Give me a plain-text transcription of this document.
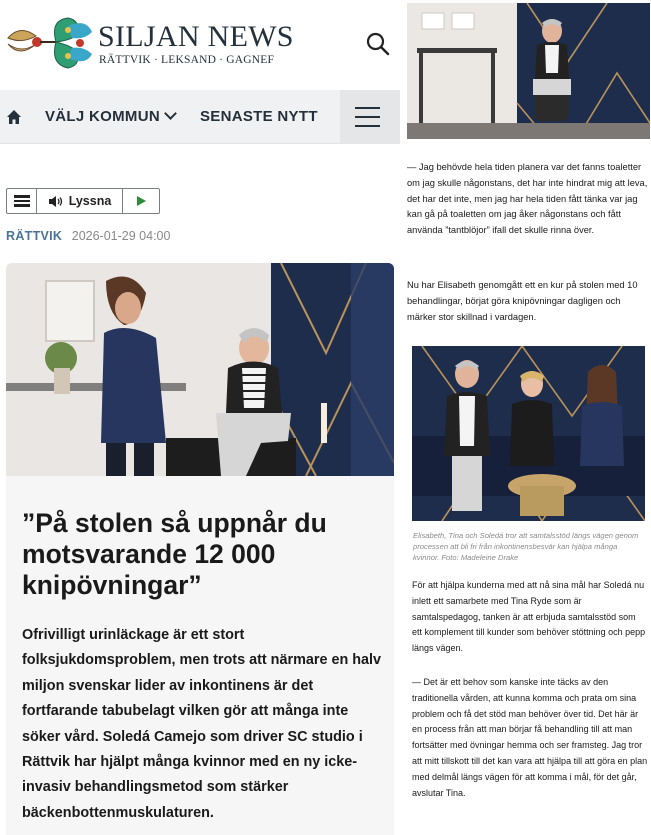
SILJAN NEWS
RÄTTVIK · LEKSAND · GAGNEF
VÄLJ KOMMUN	SENASTE NYTT
Lyssna
RÄTTVIK 2026-01-29 04:00
”På stolen så uppnår du motsvarande 12 000 knipövningar”

Ofrivilligt urinläckage är ett stort folksjukdomsproblem, men trots att närmare en halv miljon svenskar lider av inkontinens är det fortfarande tabubelagt vilken gör att många inte söker vård. Soledá Camejo som driver SC studio i Rättvik har hjälpt många kvinnor med en ny icke-invasiv behandlingsmetod som stärker bäckenbottenmuskulaturen.

— Jag behövde hela tiden planera var det fanns toaletter om jag skulle någonstans, det har inte hindrat mig att leva, det har det inte, men jag har hela tiden fått tänka var jag kan gå på toaletten om jag åker någonstans och fått använda ”tantblöjor” ifall det skulle rinna över.

Nu har Elisabeth genomgått ett en kur på stolen med 10 behandlingar, börjat göra knipövningar dagligen och märker stor skillnad i vardagen.

Elisabeth, Tina och Soledá tror att samtalsstöd längs vägen genom processen att bli fri från inkontinensbesvär kan hjälpa många kvinnor. Foto: Madeleine Drake

För att hjälpa kunderna med att nå sina mål har Soledá nu inlett ett samarbete med Tina Ryde som är samtalspedagog, tanken är att erbjuda samtalsstöd som ett komplement till kunder som behöver stöttning och pepp längs vägen.

— Det är ett behov som kanske inte täcks av den traditionella vården, att kunna komma och prata om sina problem och få det stöd man behöver över tid. Det här är en process från att man börjar få behandling till att man fortsätter med övningar hemma och ser framsteg. Jag tror att mitt tillskott till det kan vara att hjälpa till att göra en plan med delmål längs vägen för att komma i mål, för det går, avslutar Tina.
